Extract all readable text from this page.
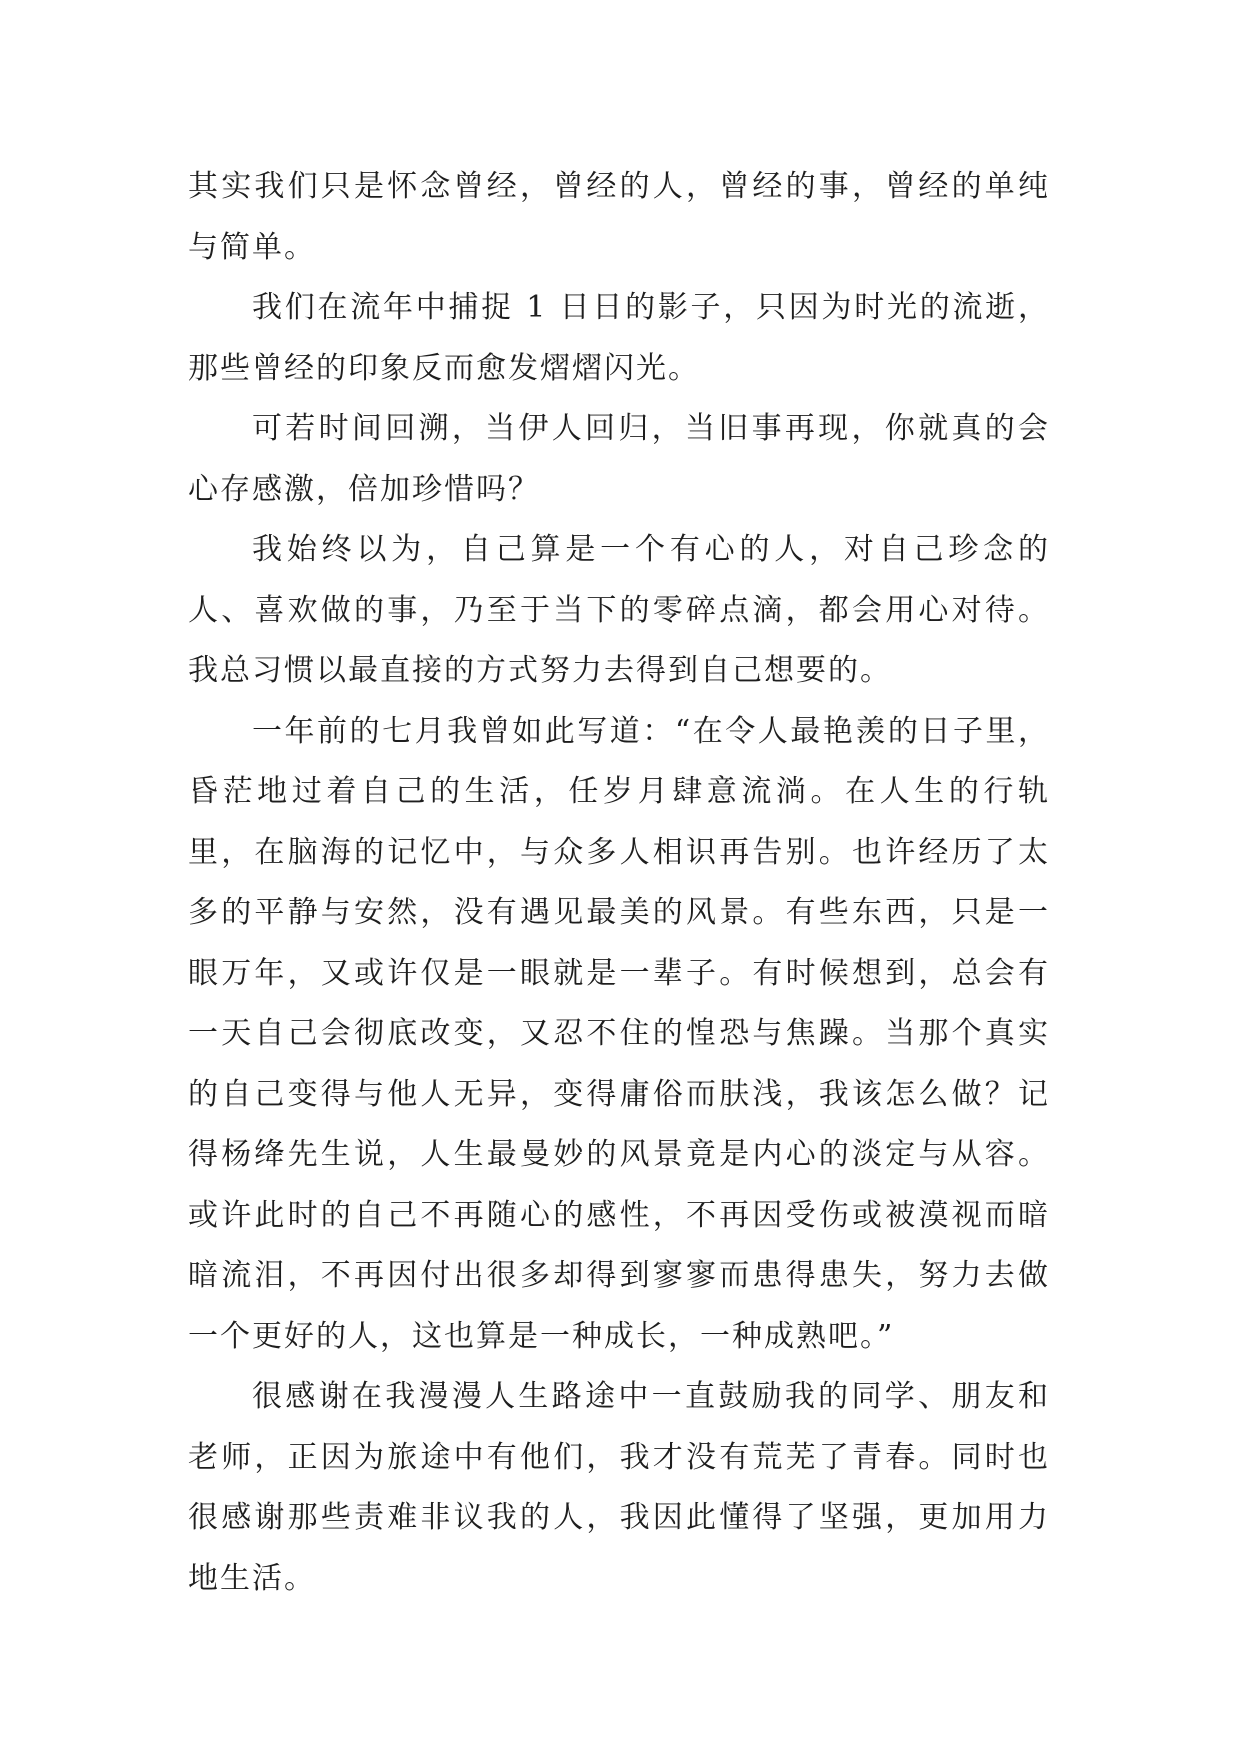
其实我们只是怀念曾经，曾经的人，曾经的事，曾经的单纯与简单。

我们在流年中捕捉 1 日日的影子，只因为时光的流逝，那些曾经的印象反而愈发熠熠闪光。

可若时间回溯，当伊人回归，当旧事再现，你就真的会心存感激，倍加珍惜吗？

我始终以为，自己算是一个有心的人，对自己珍念的人、喜欢做的事，乃至于当下的零碎点滴，都会用心对待。我总习惯以最直接的方式努力去得到自己想要的。

一年前的七月我曾如此写道：“在令人最艳羡的日子里，昏茫地过着自己的生活，任岁月肆意流淌。在人生的行轨里，在脑海的记忆中，与众多人相识再告别。也许经历了太多的平静与安然，没有遇见最美的风景。有些东西，只是一眼万年，又或许仅是一眼就是一辈子。有时候想到，总会有一天自己会彻底改变，又忍不住的惶恐与焦躁。当那个真实的自己变得与他人无异，变得庸俗而肤浅，我该怎么做？记得杨绛先生说，人生最曼妙的风景竟是内心的淡定与从容。或许此时的自己不再随心的感性，不再因受伤或被漠视而暗暗流泪，不再因付出很多却得到寥寥而患得患失，努力去做一个更好的人，这也算是一种成长，一种成熟吧。”

很感谢在我漫漫人生路途中一直鼓励我的同学、朋友和老师，正因为旅途中有他们，我才没有荒芜了青春。同时也很感谢那些责难非议我的人，我因此懂得了坚强，更加用力地生活。
